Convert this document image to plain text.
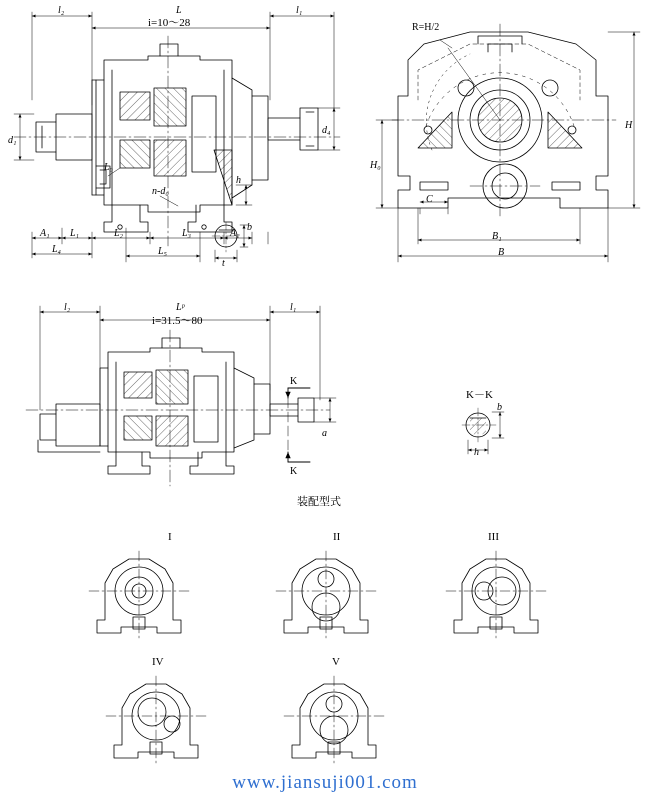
l₂	L	l₁
i=10～28
d₁
d₄
L₀
n-d₀
h
A₁ L₁	L₂	L₃	A₂
L₄	L₅
b
t
R=H/2
H
H₀
C
B₁
B
l₂	Lᵖ	l₁
i=31.5～80
K
K
a
K－K
b
h
装配型式
I	II	III
IV	V
www.jiansuji001.com
